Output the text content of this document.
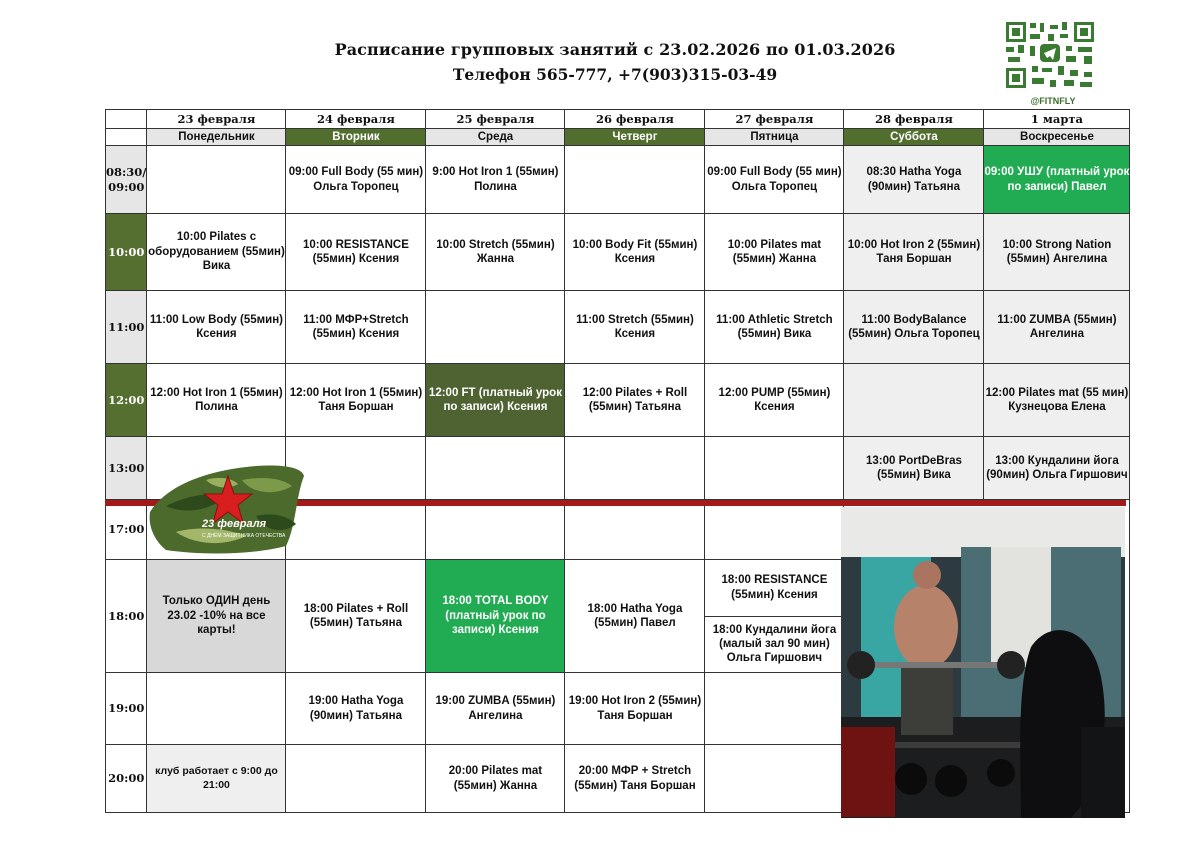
Расписание групповых занятий с 23.02.2026 по 01.03.2026
Телефон 565-777, +7(903)315-03-49
@FITNFLY
	23 февраля	24 февраля	25 февраля	26 февраля	27 февраля	28 февраля	1 марта
	Понедельник	Вторник	Среда	Четверг	Пятница	Суббота	Воскресенье
08:30/ 09:00		09:00 Full Body (55 мин) Ольга Торопец	9:00 Hot Iron 1 (55мин) Полина		09:00 Full Body (55 мин) Ольга Торопец	08:30 Hatha Yoga (90мин) Татьяна	09:00 УШУ (платный урок по записи) Павел
10:00	10:00 Pilates с оборудованием (55мин) Вика	10:00 RESISTANCE (55мин) Ксения	10:00 Stretch (55мин) Жанна	10:00 Body Fit (55мин) Ксения	10:00 Pilates mat (55мин) Жанна	10:00 Hot Iron 2 (55мин) Таня Боршан	10:00 Strong Nation (55мин) Ангелина
11:00	11:00 Low Body (55мин) Ксения	11:00 МФР+Stretch (55мин) Ксения		11:00 Stretch (55мин) Ксения	11:00 Athletic Stretch (55мин) Вика	11:00 BodyBalance (55мин) Ольга Торопец	11:00 ZUMBA (55мин) Ангелина
12:00	12:00 Hot Iron 1 (55мин) Полина	12:00 Hot Iron 1 (55мин) Таня Боршан	12:00 FT (платный урок по записи) Ксения	12:00 Pilates + Roll (55мин) Татьяна	12:00 PUMP (55мин) Ксения		12:00 Pilates mat (55 мин) Кузнецова Елена
13:00						13:00 PortDeBras (55мин) Вика	13:00 Кундалини йога (90мин) Ольга Гиршович
17:00							
18:00	Только ОДИН день 23.02 -10% на все карты!	18:00 Pilates + Roll (55мин) Татьяна	18:00 TOTAL BODY (платный урок по записи) Ксения	18:00 Hatha Yoga (55мин) Павел	18:00 RESISTANCE (55мин) Ксения
18:00 Кундалини йога (малый зал 90 мин) Ольга Гиршович		

19:00		19:00 Hatha Yoga (90мин) Татьяна	19:00 ZUMBA (55мин) Ангелина	19:00 Hot Iron 2 (55мин) Таня Боршан			
20:00	клуб работает с 9:00 до 21:00		20:00 Pilates mat (55мин) Жанна	20:00 МФР + Stretch (55мин) Таня Боршан			
23 февраля
С ДНЁМ ЗАЩИТНИКА ОТЕЧЕСТВА
